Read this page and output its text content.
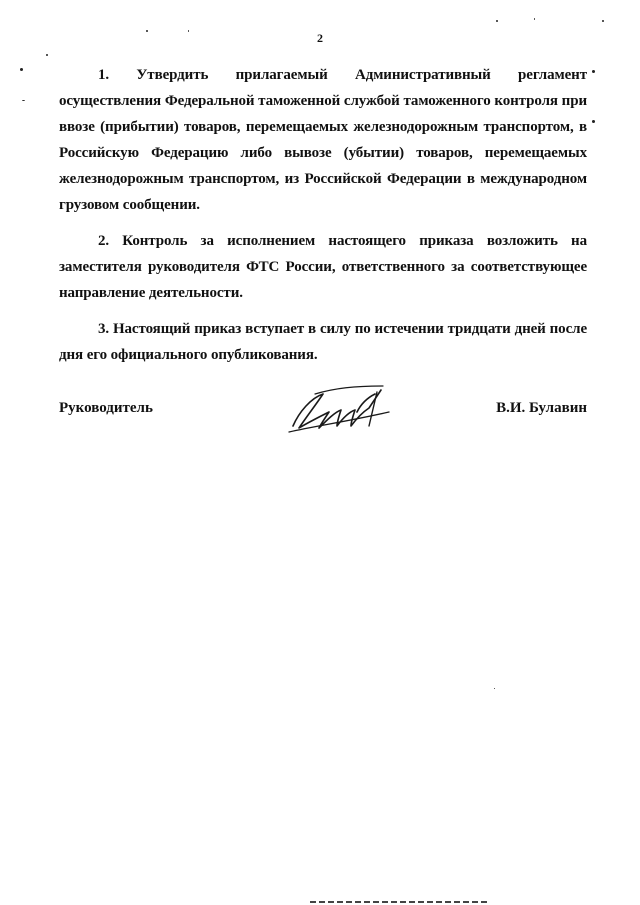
2

1. Утвердить прилагаемый Административный регламент осуществления Федеральной таможенной службой таможенного контроля при ввозе (прибытии) товаров, перемещаемых железнодорожным транспортом, в Российскую Федерацию либо вывозе (убытии) товаров, перемещаемых железнодорожным транспортом, из Российской Федерации в международном грузовом сообщении.

2. Контроль за исполнением настоящего приказа возложить на заместителя руководителя ФТС России, ответственного за соответствующее направление деятельности.

3. Настоящий приказ вступает в силу по истечении тридцати дней после дня его официального опубликования.

Руководитель	В.И. Булавин
